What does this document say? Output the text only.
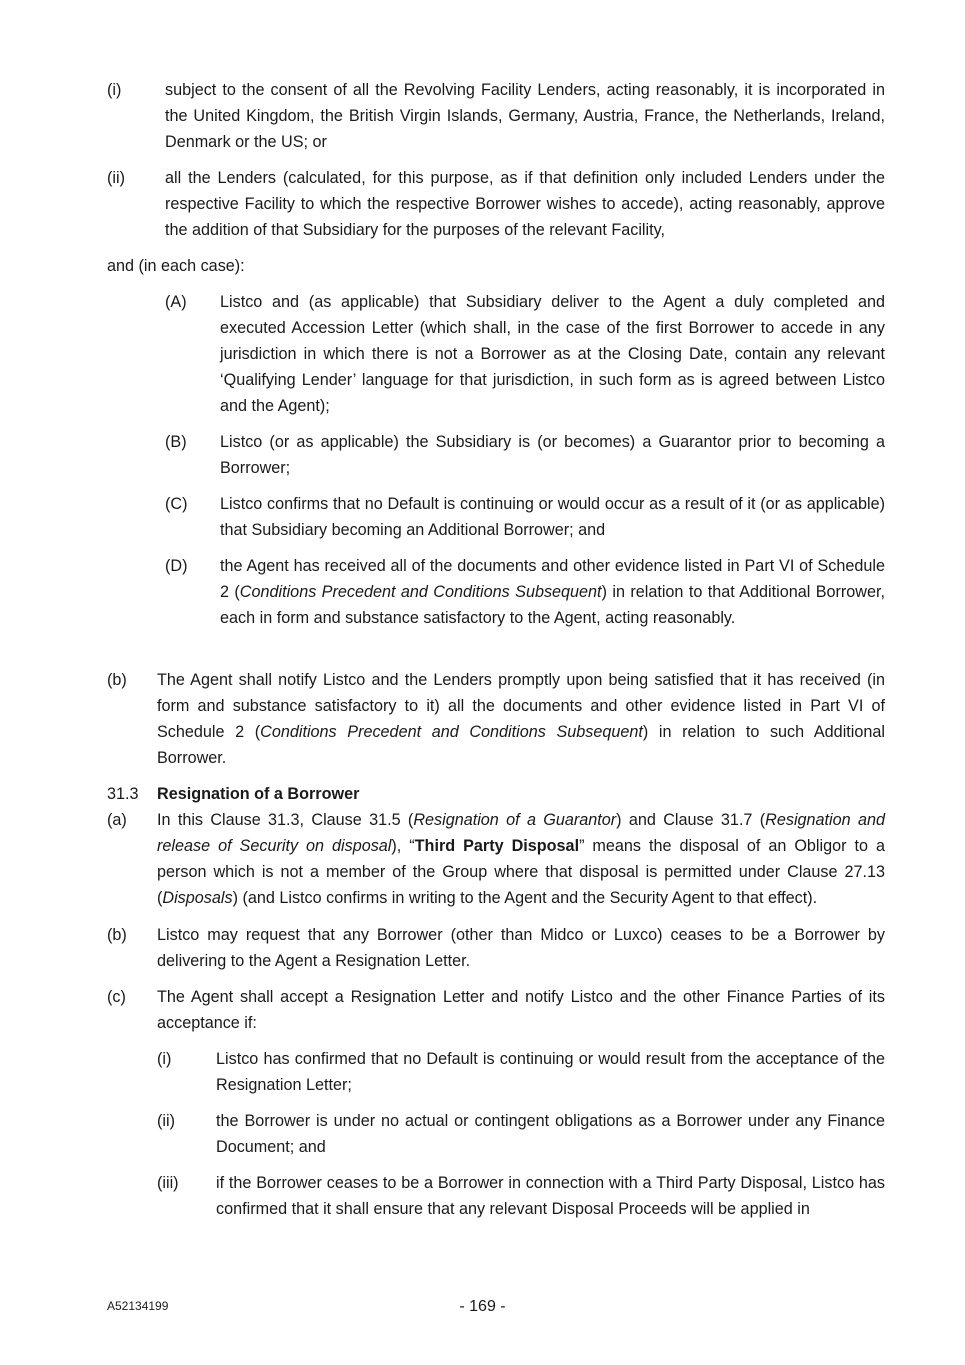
(i)	subject to the consent of all the Revolving Facility Lenders, acting reasonably, it is incorporated in the United Kingdom, the British Virgin Islands, Germany, Austria, France, the Netherlands, Ireland, Denmark or the US; or
(ii) all the Lenders (calculated, for this purpose, as if that definition only included Lenders under the respective Facility to which the respective Borrower wishes to accede), acting reasonably, approve the addition of that Subsidiary for the purposes of the relevant Facility,
and (in each case):
(A) Listco and (as applicable) that Subsidiary deliver to the Agent a duly completed and executed Accession Letter (which shall, in the case of the first Borrower to accede in any jurisdiction in which there is not a Borrower as at the Closing Date, contain any relevant ‘Qualifying Lender’ language for that jurisdiction, in such form as is agreed between Listco and the Agent);
(B) Listco (or as applicable) the Subsidiary is (or becomes) a Guarantor prior to becoming a Borrower;
(C) Listco confirms that no Default is continuing or would occur as a result of it (or as applicable) that Subsidiary becoming an Additional Borrower; and
(D) the Agent has received all of the documents and other evidence listed in Part VI of Schedule 2 (Conditions Precedent and Conditions Subsequent) in relation to that Additional Borrower, each in form and substance satisfactory to the Agent, acting reasonably.
(b) The Agent shall notify Listco and the Lenders promptly upon being satisfied that it has received (in form and substance satisfactory to it) all the documents and other evidence listed in Part VI of Schedule 2 (Conditions Precedent and Conditions Subsequent) in relation to such Additional Borrower.
31.3 Resignation of a Borrower
(a) In this Clause 31.3, Clause 31.5 (Resignation of a Guarantor) and Clause 31.7 (Resignation and release of Security on disposal), “Third Party Disposal” means the disposal of an Obligor to a person which is not a member of the Group where that disposal is permitted under Clause 27.13 (Disposals) (and Listco confirms in writing to the Agent and the Security Agent to that effect).
(b) Listco may request that any Borrower (other than Midco or Luxco) ceases to be a Borrower by delivering to the Agent a Resignation Letter.
(c) The Agent shall accept a Resignation Letter and notify Listco and the other Finance Parties of its acceptance if:
(i)	Listco has confirmed that no Default is continuing or would result from the acceptance of the Resignation Letter;
(ii)	the Borrower is under no actual or contingent obligations as a Borrower under any Finance Document; and
(iii) if the Borrower ceases to be a Borrower in connection with a Third Party Disposal, Listco has confirmed that it shall ensure that any relevant Disposal Proceeds will be applied in
A52134199	- 169 -
